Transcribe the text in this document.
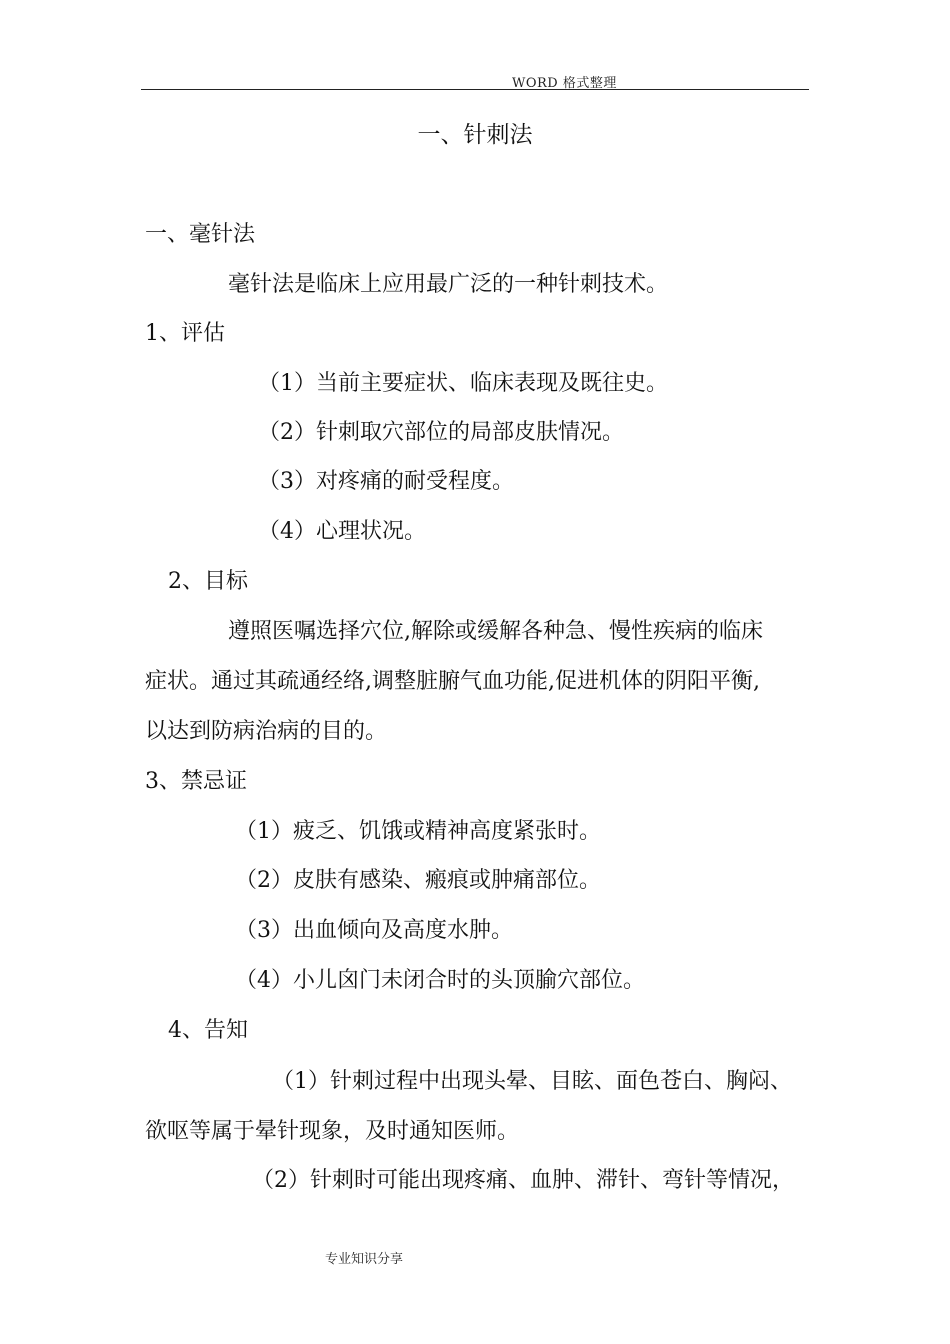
WORD 格式整理
一、针刺法
一、毫针法
毫针法是临床上应用最广泛的一种针刺技术。
1、评估
（1）当前主要症状、临床表现及既往史。
（2）针刺取穴部位的局部皮肤情况。
（3）对疼痛的耐受程度。
（4）心理状况。
2、目标
遵照医嘱选择穴位,解除或缓解各种急、慢性疾病的临床
症状。通过其疏通经络,调整脏腑气血功能,促进机体的阴阳平衡,
以达到防病治病的目的。
3、禁忌证
（1）疲乏、饥饿或精神高度紧张时。
（2）皮肤有感染、瘢痕或肿痛部位。
（3）出血倾向及高度水肿。
（4）小儿囟门未闭合时的头顶腧穴部位。
4、告知
（1）针刺过程中出现头晕、目眩、面色苍白、胸闷、
欲呕等属于晕针现象，及时通知医师。
（2）针刺时可能出现疼痛、血肿、滞针、弯针等情况，
专业知识分享
